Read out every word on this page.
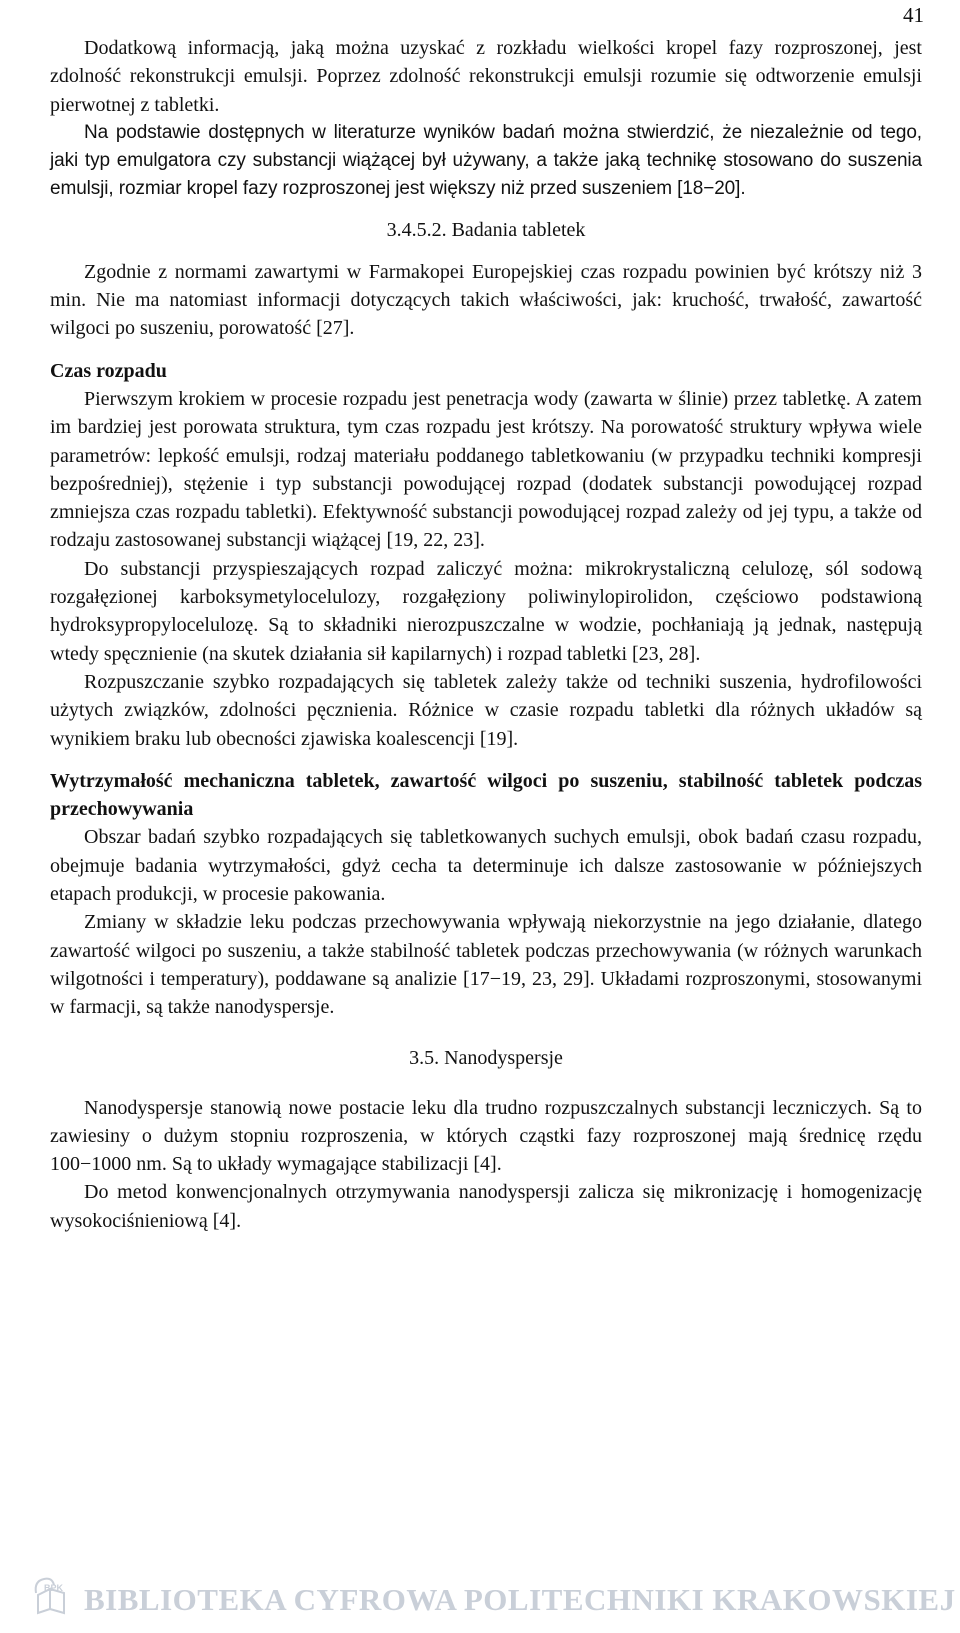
41

Dodatkową informacją, jaką można uzyskać z rozkładu wielkości kropel fazy rozproszonej, jest zdolność rekonstrukcji emulsji. Poprzez zdolność rekonstrukcji emulsji rozumie się odtworzenie emulsji pierwotnej z tabletki.

Na podstawie dostępnych w literaturze wyników badań można stwierdzić, że niezależnie od tego, jaki typ emulgatora czy substancji wiążącej był używany, a także jaką technikę stosowano do suszenia emulsji, rozmiar kropel fazy rozproszonej jest większy niż przed suszeniem [18−20].

3.4.5.2. Badania tabletek

Zgodnie z normami zawartymi w Farmakopei Europejskiej czas rozpadu powinien być krótszy niż 3 min. Nie ma natomiast informacji dotyczących takich właściwości, jak: kruchość, trwałość, zawartość wilgoci po suszeniu, porowatość [27].

Czas rozpadu

Pierwszym krokiem w procesie rozpadu jest penetracja wody (zawarta w ślinie) przez tabletkę. A zatem im bardziej jest porowata struktura, tym czas rozpadu jest krótszy. Na porowatość struktury wpływa wiele parametrów: lepkość emulsji, rodzaj materiału poddanego tabletkowaniu (w przypadku techniki kompresji bezpośredniej), stężenie i typ substancji powodującej rozpad (dodatek substancji powodującej rozpad zmniejsza czas rozpadu tabletki). Efektywność substancji powodującej rozpad zależy od jej typu, a także od rodzaju zastosowanej substancji wiążącej [19, 22, 23].

Do substancji przyspieszających rozpad zaliczyć można: mikrokrystaliczną celulozę, sól sodową rozgałęzionej karboksymetylocelulozy, rozgałęziony poliwinylopirolidon, częściowo podstawioną hydroksypropylocelulozę. Są to składniki nierozpuszczalne w wodzie, pochłaniają ją jednak, następują wtedy spęcznienie (na skutek działania sił kapilarnych) i rozpad tabletki [23, 28].

Rozpuszczanie szybko rozpadających się tabletek zależy także od techniki suszenia, hydrofilowości użytych związków, zdolności pęcznienia. Różnice w czasie rozpadu tabletki dla różnych układów są wynikiem braku lub obecności zjawiska koalescencji [19].

Wytrzymałość mechaniczna tabletek, zawartość wilgoci po suszeniu, stabilność tabletek podczas przechowywania

Obszar badań szybko rozpadających się tabletkowanych suchych emulsji, obok badań czasu rozpadu, obejmuje badania wytrzymałości, gdyż cecha ta determinuje ich dalsze zastosowanie w późniejszych etapach produkcji, w procesie pakowania.

Zmiany w składzie leku podczas przechowywania wpływają niekorzystnie na jego działanie, dlatego zawartość wilgoci po suszeniu, a także stabilność tabletek podczas przechowywania (w różnych warunkach wilgotności i temperatury), poddawane są analizie [17−19, 23, 29]. Układami rozproszonymi, stosowanymi w farmacji, są także nanodyspersje.

3.5. Nanodyspersje

Nanodyspersje stanowią nowe postacie leku dla trudno rozpuszczalnych substancji leczniczych. Są to zawiesiny o dużym stopniu rozproszenia, w których cząstki fazy rozproszonej mają średnicę rzędu 100−1000 nm. Są to układy wymagające stabilizacji [4].

Do metod konwencjonalnych otrzymywania nanodyspersji zalicza się mikronizację i homogenizację wysokociśnieniową [4].

BPK BIBLIOTEKA CYFROWA POLITECHNIKI KRAKOWSKIEJ
